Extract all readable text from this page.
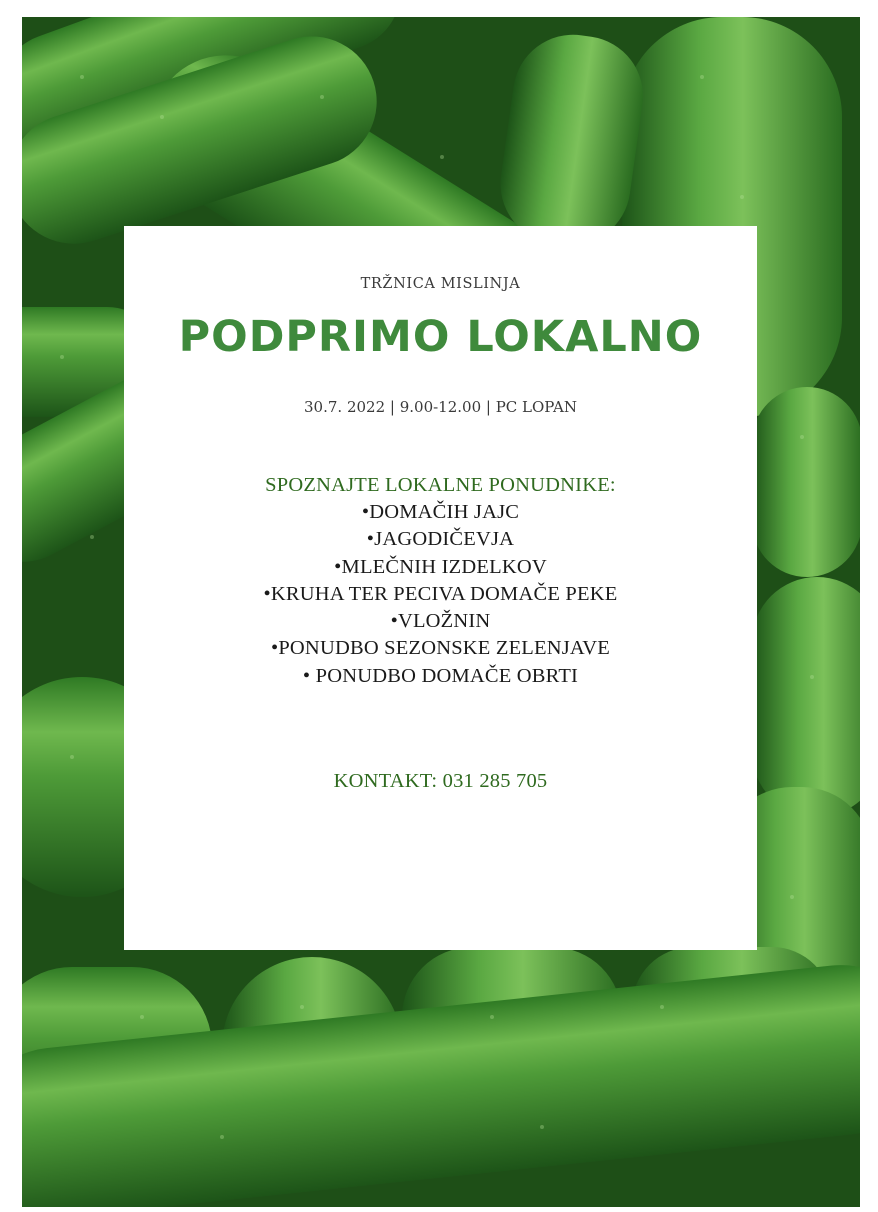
TRŽNICA MISLINJA
PODPRIMO LOKALNO
30.7. 2022 | 9.00-12.00 | PC LOPAN
SPOZNAJTE LOKALNE PONUDNIKE:
•DOMAČIH JAJC
•JAGODIČEVJA
•MLEČNIH IZDELKOV
•KRUHA TER PECIVA DOMAČE PEKE
•VLOŽNIN
•PONUDBO SEZONSKE ZELENJAVE
• PONUDBO DOMAČE OBRTI
KONTAKT: 031 285 705
